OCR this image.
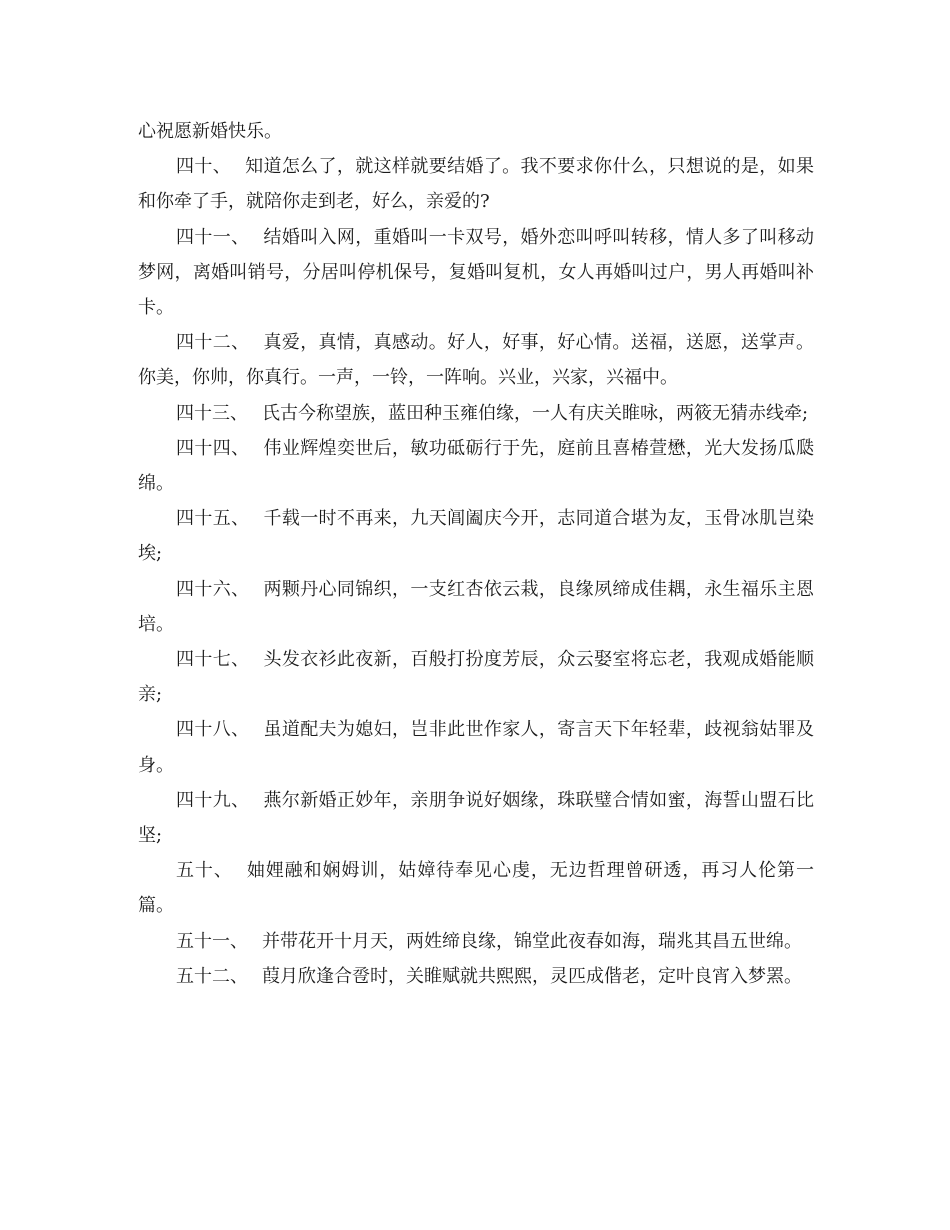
心祝愿新婚快乐。

四十、 知道怎么了，就这样就要结婚了。我不要求你什么，只想说的是，如果和你牵了手，就陪你走到老，好么，亲爱的?

四十一、 结婚叫入网，重婚叫一卡双号，婚外恋叫呼叫转移，情人多了叫移动梦网，离婚叫销号，分居叫停机保号，复婚叫复机，女人再婚叫过户，男人再婚叫补卡。

四十二、 真爱，真情，真感动。好人，好事，好心情。送福，送愿，送掌声。你美，你帅，你真行。一声，一铃，一阵响。兴业，兴家，兴福中。

四十三、 氏古今称望族，蓝田种玉雍伯缘，一人有庆关睢咏，两筱无猜赤线牵;

四十四、 伟业辉煌奕世后，敏功砥砺行于先，庭前且喜椿萱懋，光大发扬瓜瓞绵。

四十五、 千载一时不再来，九天阊阖庆今开，志同道合堪为友，玉骨冰肌岂染埃;

四十六、 两颗丹心同锦织，一支红杏依云栽，良缘夙缔成佳耦，永生福乐主恩培。

四十七、 头发衣衫此夜新，百般打扮度芳辰，众云娶室将忘老，我观成婚能顺亲;

四十八、 虽道配夫为媳妇，岂非此世作家人，寄言天下年轻辈，歧视翁姑罪及身。

四十九、 燕尔新婚正妙年，亲朋争说好姻缘，珠联璧合情如蜜，海誓山盟石比坚;

五十、 妯娌融和娴姆训，姑嫜待奉见心虔，无边哲理曾研透，再习人伦第一篇。

五十一、 并带花开十月天，两姓缔良缘，锦堂此夜春如海，瑞兆其昌五世绵。

五十二、 葭月欣逢合卺时，关睢赋就共熙熙，灵匹成偕老，定叶良宵入梦罴。
